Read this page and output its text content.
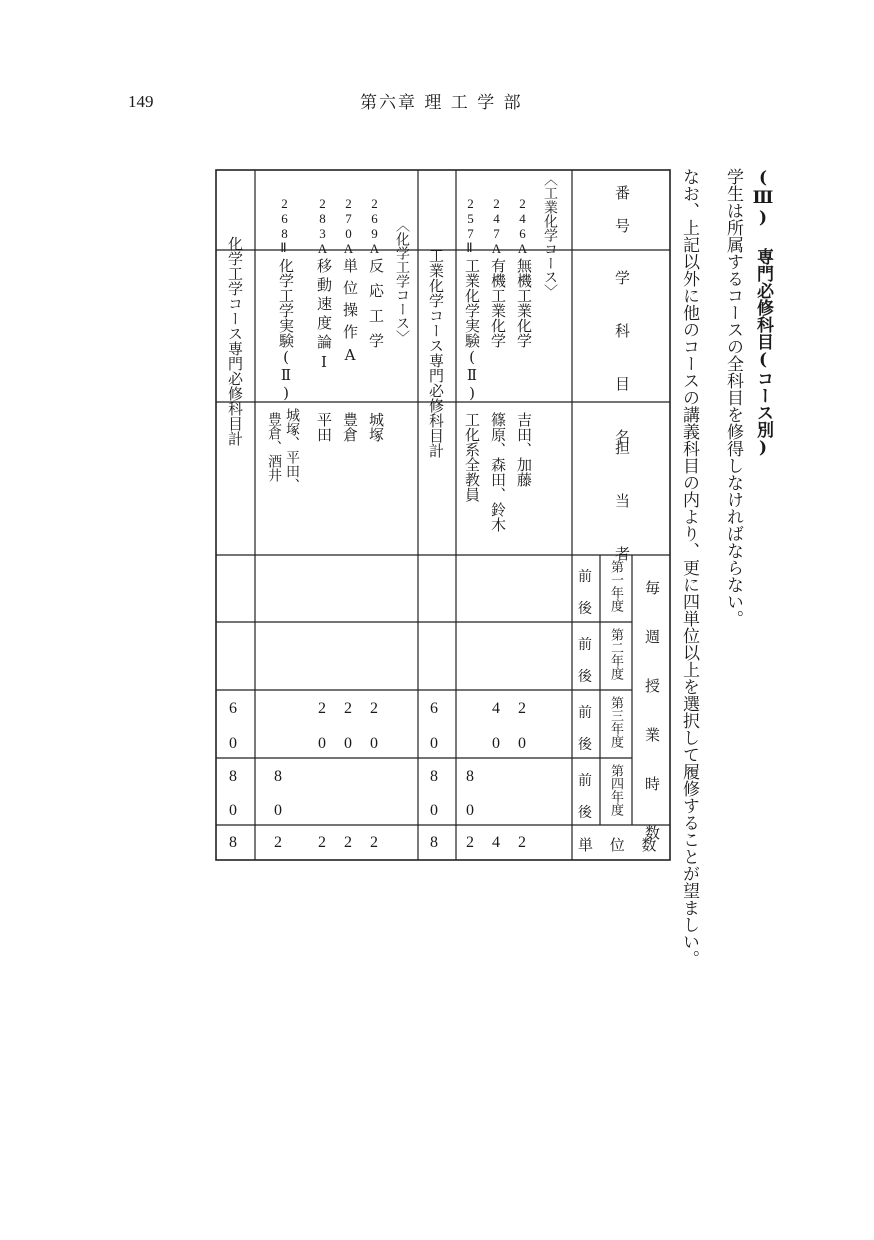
149	第六章 理 工 学 部
(Ⅲ) 専門必修科目(コース別)
学生は所属するコースの全科目を修得しなければならない。
なお、上記以外に他のコースの講義科目の内より、更に四単位以上を選択して履修することが望ましい。
番 号
学 科 目 名
担 当 者
毎 週 授 業 時 数
第一年度
第二年度
第三年度
第四年度
前
後
前
後
前
後
前
後
単 位 数
〈工業化学コース〉
246A
無機工業化学
吉田、加藤
2
0
2
247A
有機工業化学
篠原、森田、鈴木
4
0
4
257Ⅱ
工業化学実験(Ⅱ)
工化系全教員
8
0
2
工業化学コース専門必修科目計
6
0
8
0
8
〈化学工学コース〉
269A
反応工学
城塚
2
0
2
270A
単位操作A
豊倉
2
0
2
283A
移動速度論Ⅰ
平田
2
0
2
268Ⅱ
化学工学実験(Ⅱ)
城塚、平田、
豊倉、酒井
8
0
2
化学工学コース専門必修科目計
6
0
8
0
8
